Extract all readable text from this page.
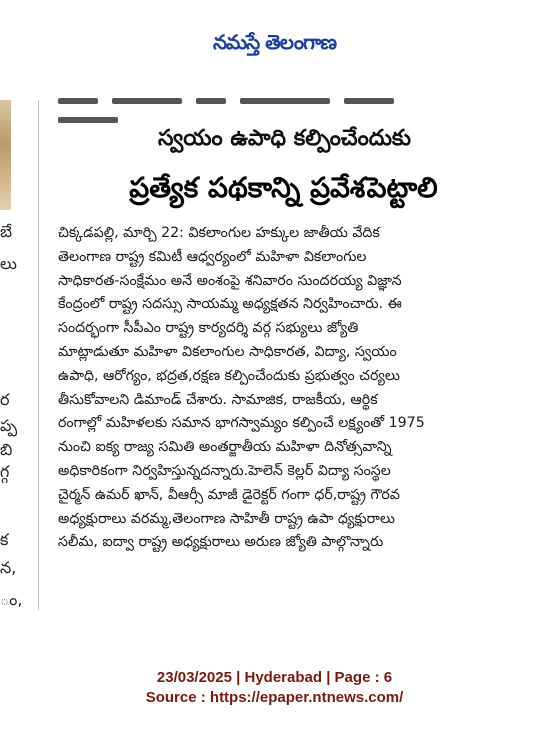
నమస్తే తెలంగాణ
బే
లు
ర
ప్ప
బి
గ్గ
క
న,
ం,
స్వయం ఉపాధి కల్పించేందుకు
ప్రత్యేక పథకాన్ని ప్రవేశపెట్టాలి
చిక్కడపల్లి, మార్చి 22: వికలాంగుల హక్కుల జాతీయ వేదిక
తెలంగాణ రాష్ట్ర కమిటీ ఆధ్వర్యంలో మహిళా వికలాంగుల
సాధికారత-సంక్షేమం అనే అంశంపై శనివారం సుందరయ్య విజ్ఞాన
కేంద్రంలో రాష్ట్ర సదస్సు సాయమ్మ అధ్యక్షతన నిర్వహించారు. ఈ
సందర్భంగా సీపీఎం రాష్ట్ర కార్యదర్శి వర్గ సభ్యులు జ్యోతి
మాట్లాడుతూ మహిళా వికలాంగుల సాధికారత, విద్యా, స్వయం
ఉపాధి, ఆరోగ్యం, భద్రత,రక్షణ కల్పించేందుకు ప్రభుత్వం చర్యలు
తీసుకోవాలని డిమాండ్ చేశారు. సామాజిక, రాజకీయ, ఆర్థిక
రంగాల్లో మహిళలకు సమాన భాగస్వామ్యం కల్పించే లక్ష్యంతో 1975
నుంచి ఐక్య రాజ్య సమితి అంతర్జాతీయ మహిళా దినోత్సవాన్ని
అధికారికంగా నిర్వహిస్తున్నదన్నారు.హెలెన్ కెల్లర్ విద్యా సంస్థల
చైర్మన్ ఉమర్ ఖాన్, వీఆర్సీ మాజీ డైరెక్టర్ గంగా ధర్,రాష్ట్ర గౌరవ
అధ్యక్షురాలు వరమ్మ,తెలంగాణ సాహితీ రాష్ట్ర ఉపా ధ్యక్షురాలు
సలీమ, ఐద్వా రాష్ట్ర అధ్యక్షురాలు అరుణ జ్యోతి పాల్గొన్నారు
23/03/2025 | Hyderabad | Page : 6
Source : https://epaper.ntnews.com/
